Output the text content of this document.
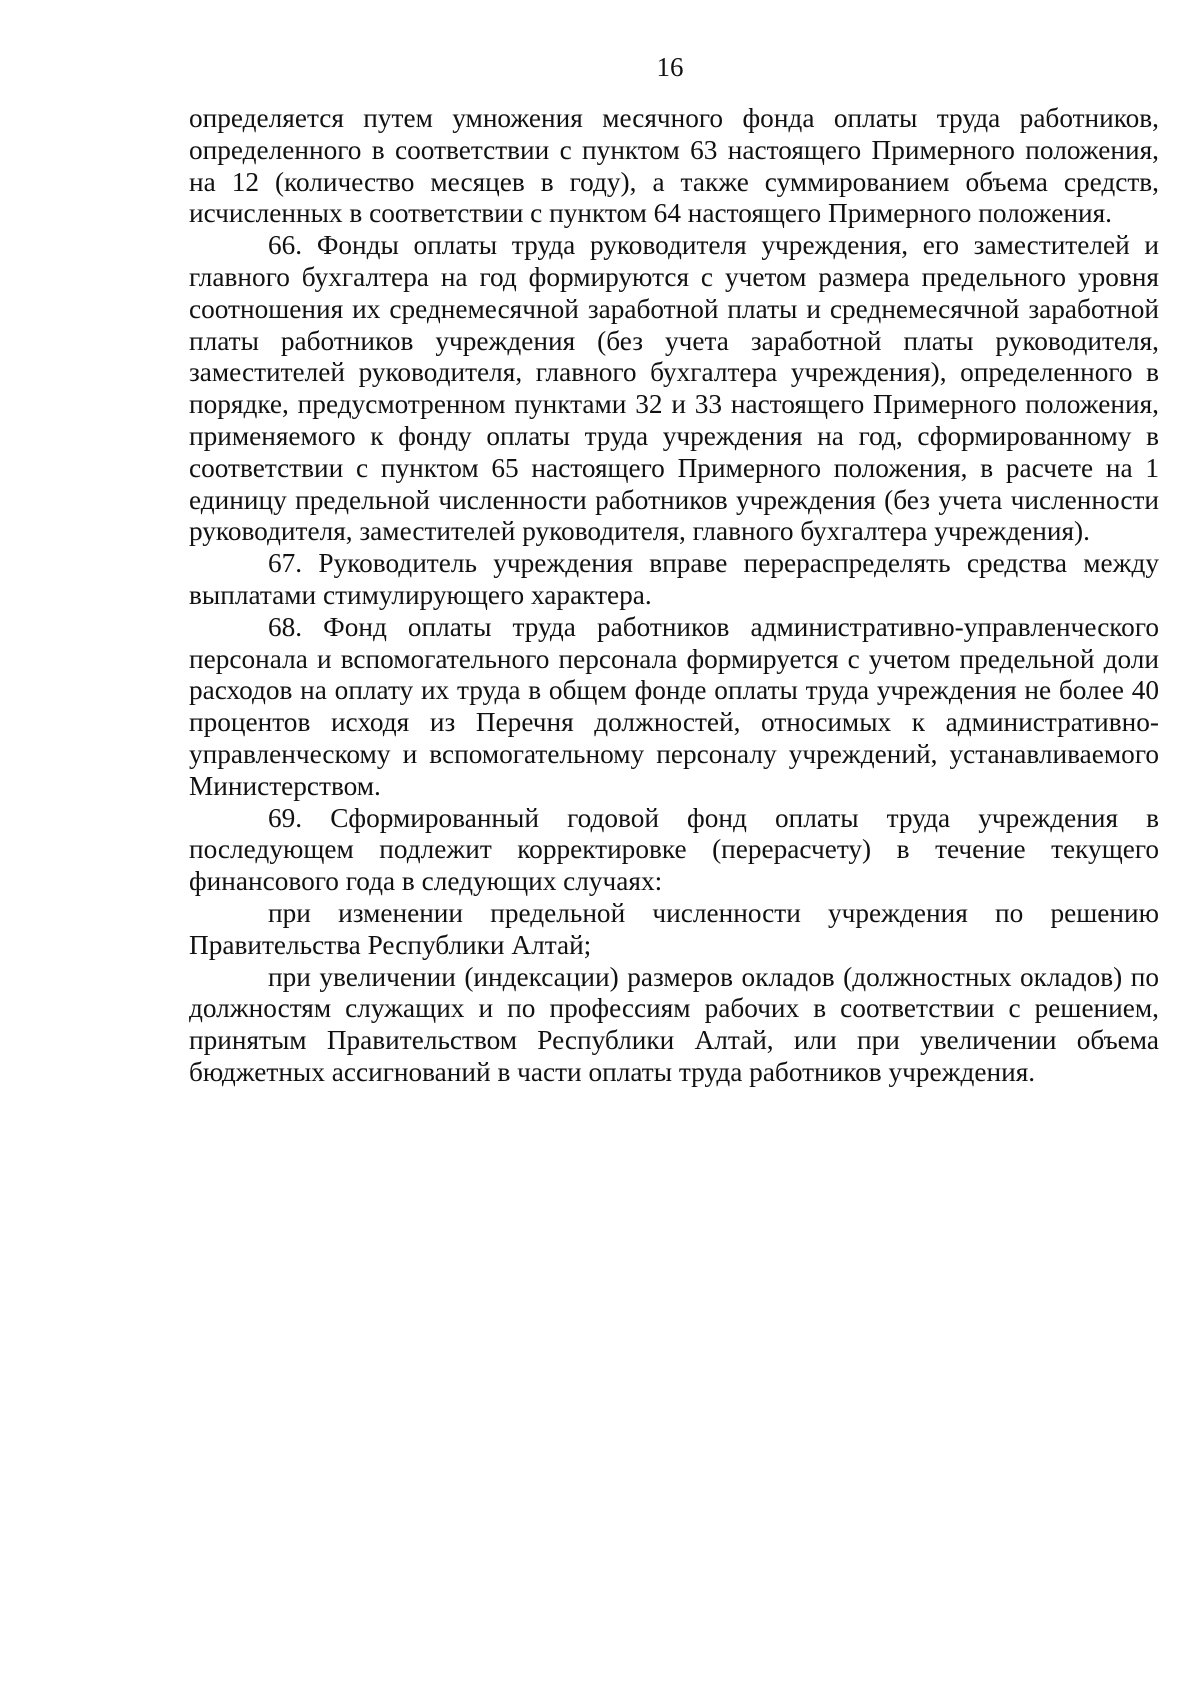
16

определяется путем умножения месячного фонда оплаты труда работников, определенного в соответствии с пунктом 63 настоящего Примерного положения, на 12 (количество месяцев в году), а также суммированием объема средств, исчисленных в соответствии с пунктом 64 настоящего Примерного положения.

66. Фонды оплаты труда руководителя учреждения, его заместителей и главного бухгалтера на год формируются с учетом размера предельного уровня соотношения их среднемесячной заработной платы и среднемесячной заработной платы работников учреждения (без учета заработной платы руководителя, заместителей руководителя, главного бухгалтера учреждения), определенного в порядке, предусмотренном пунктами 32 и 33 настоящего Примерного положения, применяемого к фонду оплаты труда учреждения на год, сформированному в соответствии с пунктом 65 настоящего Примерного положения, в расчете на 1 единицу предельной численности работников учреждения (без учета численности руководителя, заместителей руководителя, главного бухгалтера учреждения).

67. Руководитель учреждения вправе перераспределять средства между выплатами стимулирующего характера.

68. Фонд оплаты труда работников административно-управленческого персонала и вспомогательного персонала формируется с учетом предельной доли расходов на оплату их труда в общем фонде оплаты труда учреждения не более 40 процентов исходя из Перечня должностей, относимых к административно-управленческому и вспомогательному персоналу учреждений, устанавливаемого Министерством.

69. Сформированный годовой фонд оплаты труда учреждения в последующем подлежит корректировке (перерасчету) в течение текущего финансового года в следующих случаях:

при изменении предельной численности учреждения по решению Правительства Республики Алтай;

при увеличении (индексации) размеров окладов (должностных окладов) по должностям служащих и по профессиям рабочих в соответствии с решением, принятым Правительством Республики Алтай, или при увеличении объема бюджетных ассигнований в части оплаты труда работников учреждения.
